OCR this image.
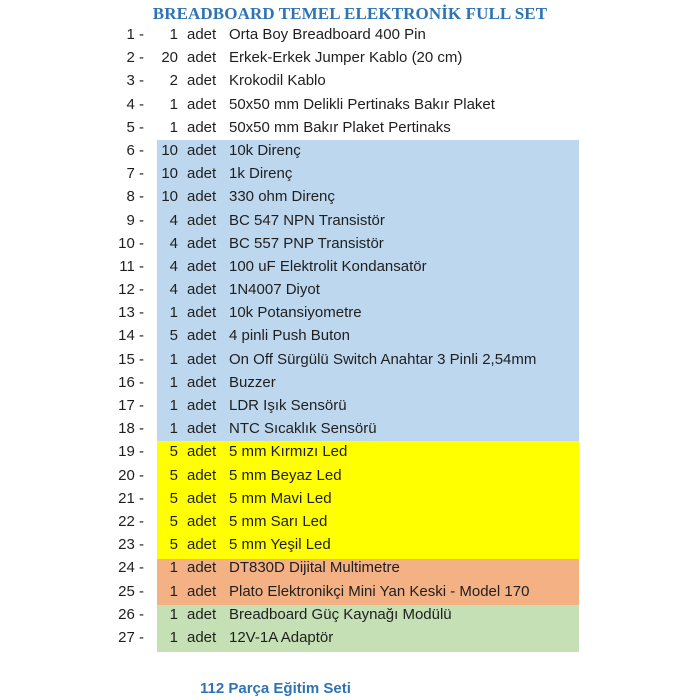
BREADBOARD TEMEL ELEKTRONİK FULL SET
1 -	1 adet Orta Boy Breadboard 400 Pin
2 -	20 adet Erkek-Erkek Jumper Kablo (20 cm)
3 -	2 adet Krokodil Kablo
4 -	1 adet 50x50 mm Delikli Pertinaks Bakır Plaket
5 -	1 adet 50x50 mm Bakır Plaket Pertinaks
6 -	10 adet 10k Direnç
7 -	10 adet 1k Direnç
8 -	10 adet 330 ohm Direnç
9 -	4 adet BC 547 NPN Transistör
10 -	4 adet BC 557 PNP Transistör
11 -	4 adet 100 uF Elektrolit Kondansatör
12 -	4 adet 1N4007 Diyot
13 -	1 adet 10k Potansiyometre
14 -	5 adet 4 pinli Push Buton
15 -	1 adet On Off Sürgülü Switch Anahtar 3 Pinli 2,54mm
16 -	1 adet Buzzer
17 -	1 adet LDR Işık Sensörü
18 -	1 adet NTC Sıcaklık Sensörü
19 -	5 adet 5 mm Kırmızı Led
20 -	5 adet 5 mm Beyaz Led
21 -	5 adet 5 mm Mavi Led
22 -	5 adet 5 mm Sarı Led
23 -	5 adet 5 mm Yeşil Led
24 -	1 adet DT830D Dijital Multimetre
25 -	1 adet Plato Elektronikçi Mini Yan Keski - Model 170
26 -	1 adet Breadboard Güç Kaynağı Modülü
27 -	1 adet 12V-1A Adaptör
112 Parça Eğitim Seti
